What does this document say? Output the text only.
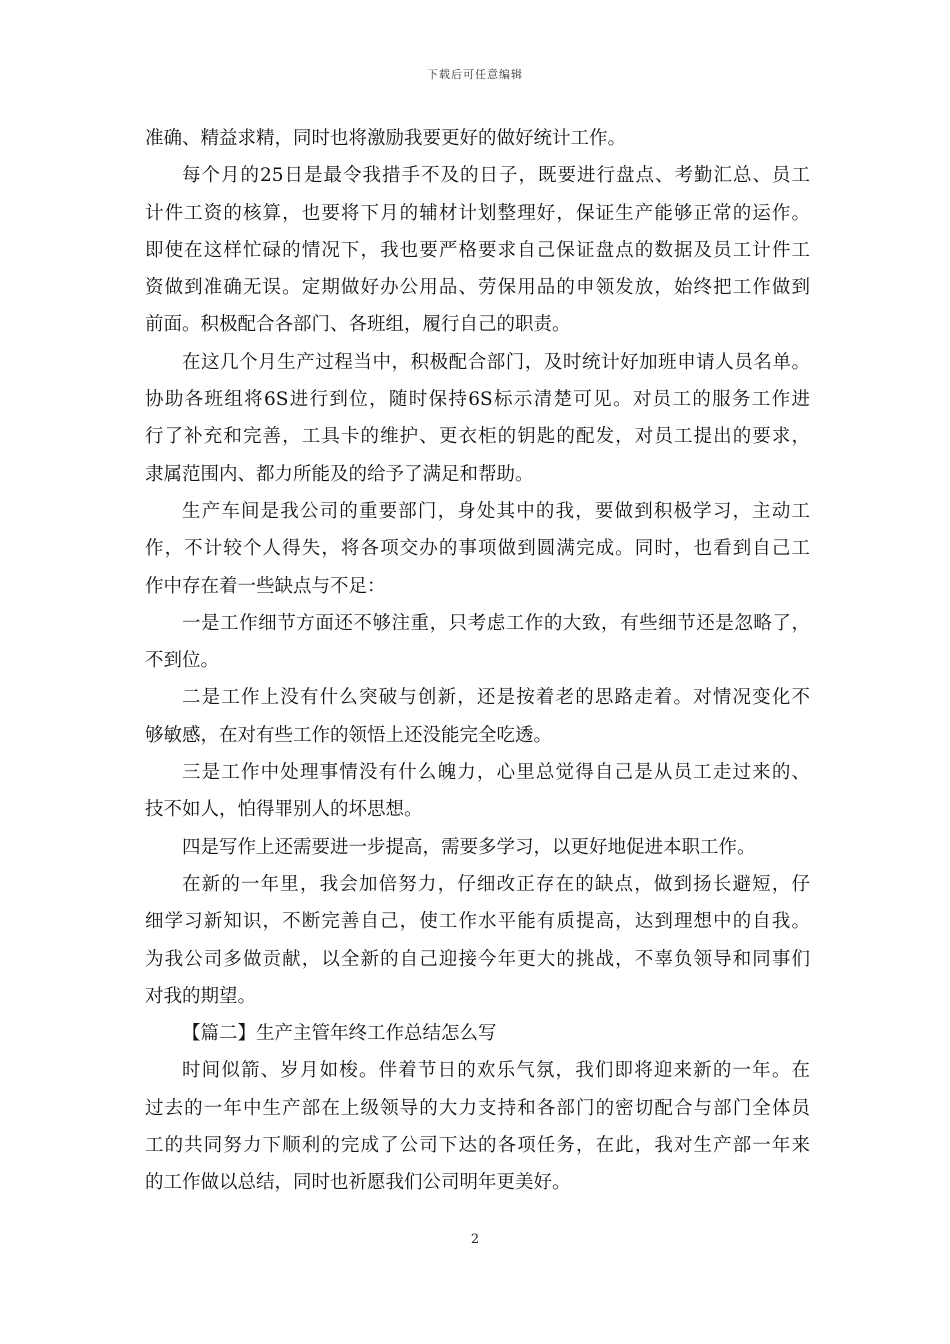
下载后可任意编辑
准确、精益求精，同时也将激励我要更好的做好统计工作。
每个月的25日是最令我措手不及的日子，既要进行盘点、考勤汇总、员工
计件工资的核算，也要将下月的辅材计划整理好，保证生产能够正常的运作。
即使在这样忙碌的情况下，我也要严格要求自己保证盘点的数据及员工计件工
资做到准确无误。定期做好办公用品、劳保用品的申领发放，始终把工作做到
前面。积极配合各部门、各班组，履行自己的职责。
在这几个月生产过程当中，积极配合部门，及时统计好加班申请人员名单。
协助各班组将6S进行到位，随时保持6S标示清楚可见。对员工的服务工作进
行了补充和完善，工具卡的维护、更衣柜的钥匙的配发，对员工提出的要求，
隶属范围内、都力所能及的给予了满足和帮助。
生产车间是我公司的重要部门，身处其中的我，要做到积极学习，主动工
作，不计较个人得失，将各项交办的事项做到圆满完成。同时，也看到自己工
作中存在着一些缺点与不足：
一是工作细节方面还不够注重，只考虑工作的大致，有些细节还是忽略了，
不到位。
二是工作上没有什么突破与创新，还是按着老的思路走着。对情况变化不
够敏感，在对有些工作的领悟上还没能完全吃透。
三是工作中处理事情没有什么魄力，心里总觉得自己是从员工走过来的、
技不如人，怕得罪别人的坏思想。
四是写作上还需要进一步提高，需要多学习，以更好地促进本职工作。
在新的一年里，我会加倍努力，仔细改正存在的缺点，做到扬长避短，仔
细学习新知识，不断完善自己，使工作水平能有质提高，达到理想中的自我。
为我公司多做贡献，以全新的自己迎接今年更大的挑战，不辜负领导和同事们
对我的期望。
【篇二】生产主管年终工作总结怎么写
时间似箭、岁月如梭。伴着节日的欢乐气氛，我们即将迎来新的一年。在
过去的一年中生产部在上级领导的大力支持和各部门的密切配合与部门全体员
工的共同努力下顺利的完成了公司下达的各项任务，在此，我对生产部一年来
的工作做以总结，同时也祈愿我们公司明年更美好。
2
